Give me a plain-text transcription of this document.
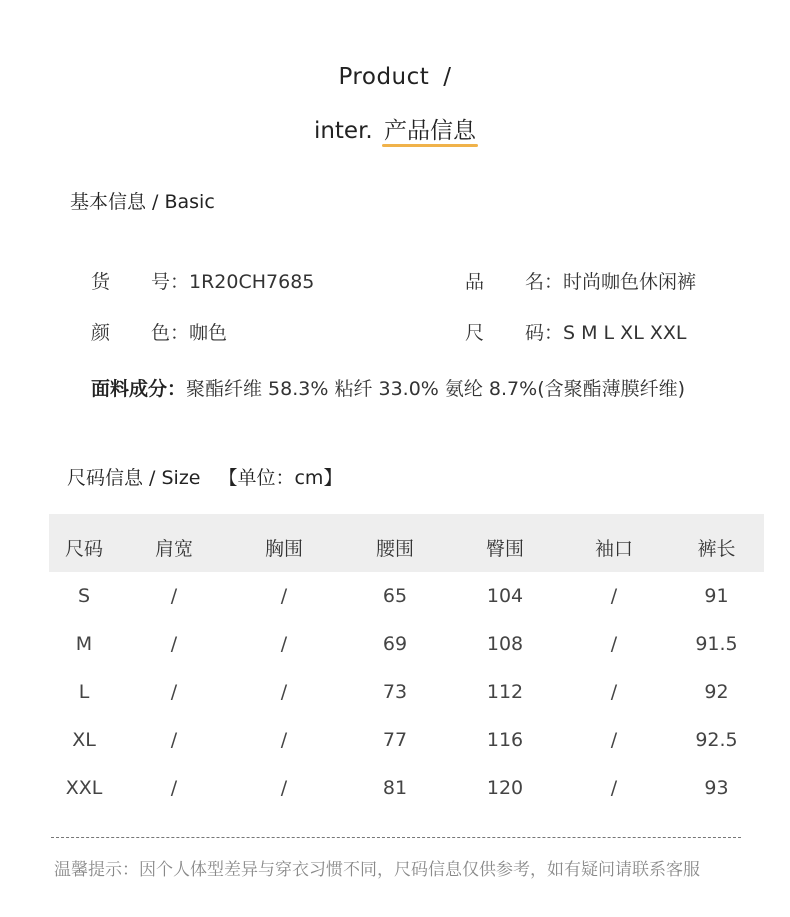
Product /
inter. 产品信息
基本信息 / Basic
货 号：1R20CH7685	品 名：时尚咖色休闲裤
颜 色：咖色	尺 码：S M L XL XXL
面料成分：聚酯纤维 58.3% 粘纤 33.0% 氨纶 8.7%(含聚酯薄膜纤维)
尺码信息 / Size 【单位：cm】
尺码	肩宽	胸围	腰围	臀围	袖口	裤长
S	/	/	65	104	/	91
M	/	/	69	108	/	91.5
L	/	/	73	112	/	92
XL	/	/	77	116	/	92.5
XXL	/	/	81	120	/	93
温馨提示：因个人体型差异与穿衣习惯不同，尺码信息仅供参考，如有疑问请联系客服
